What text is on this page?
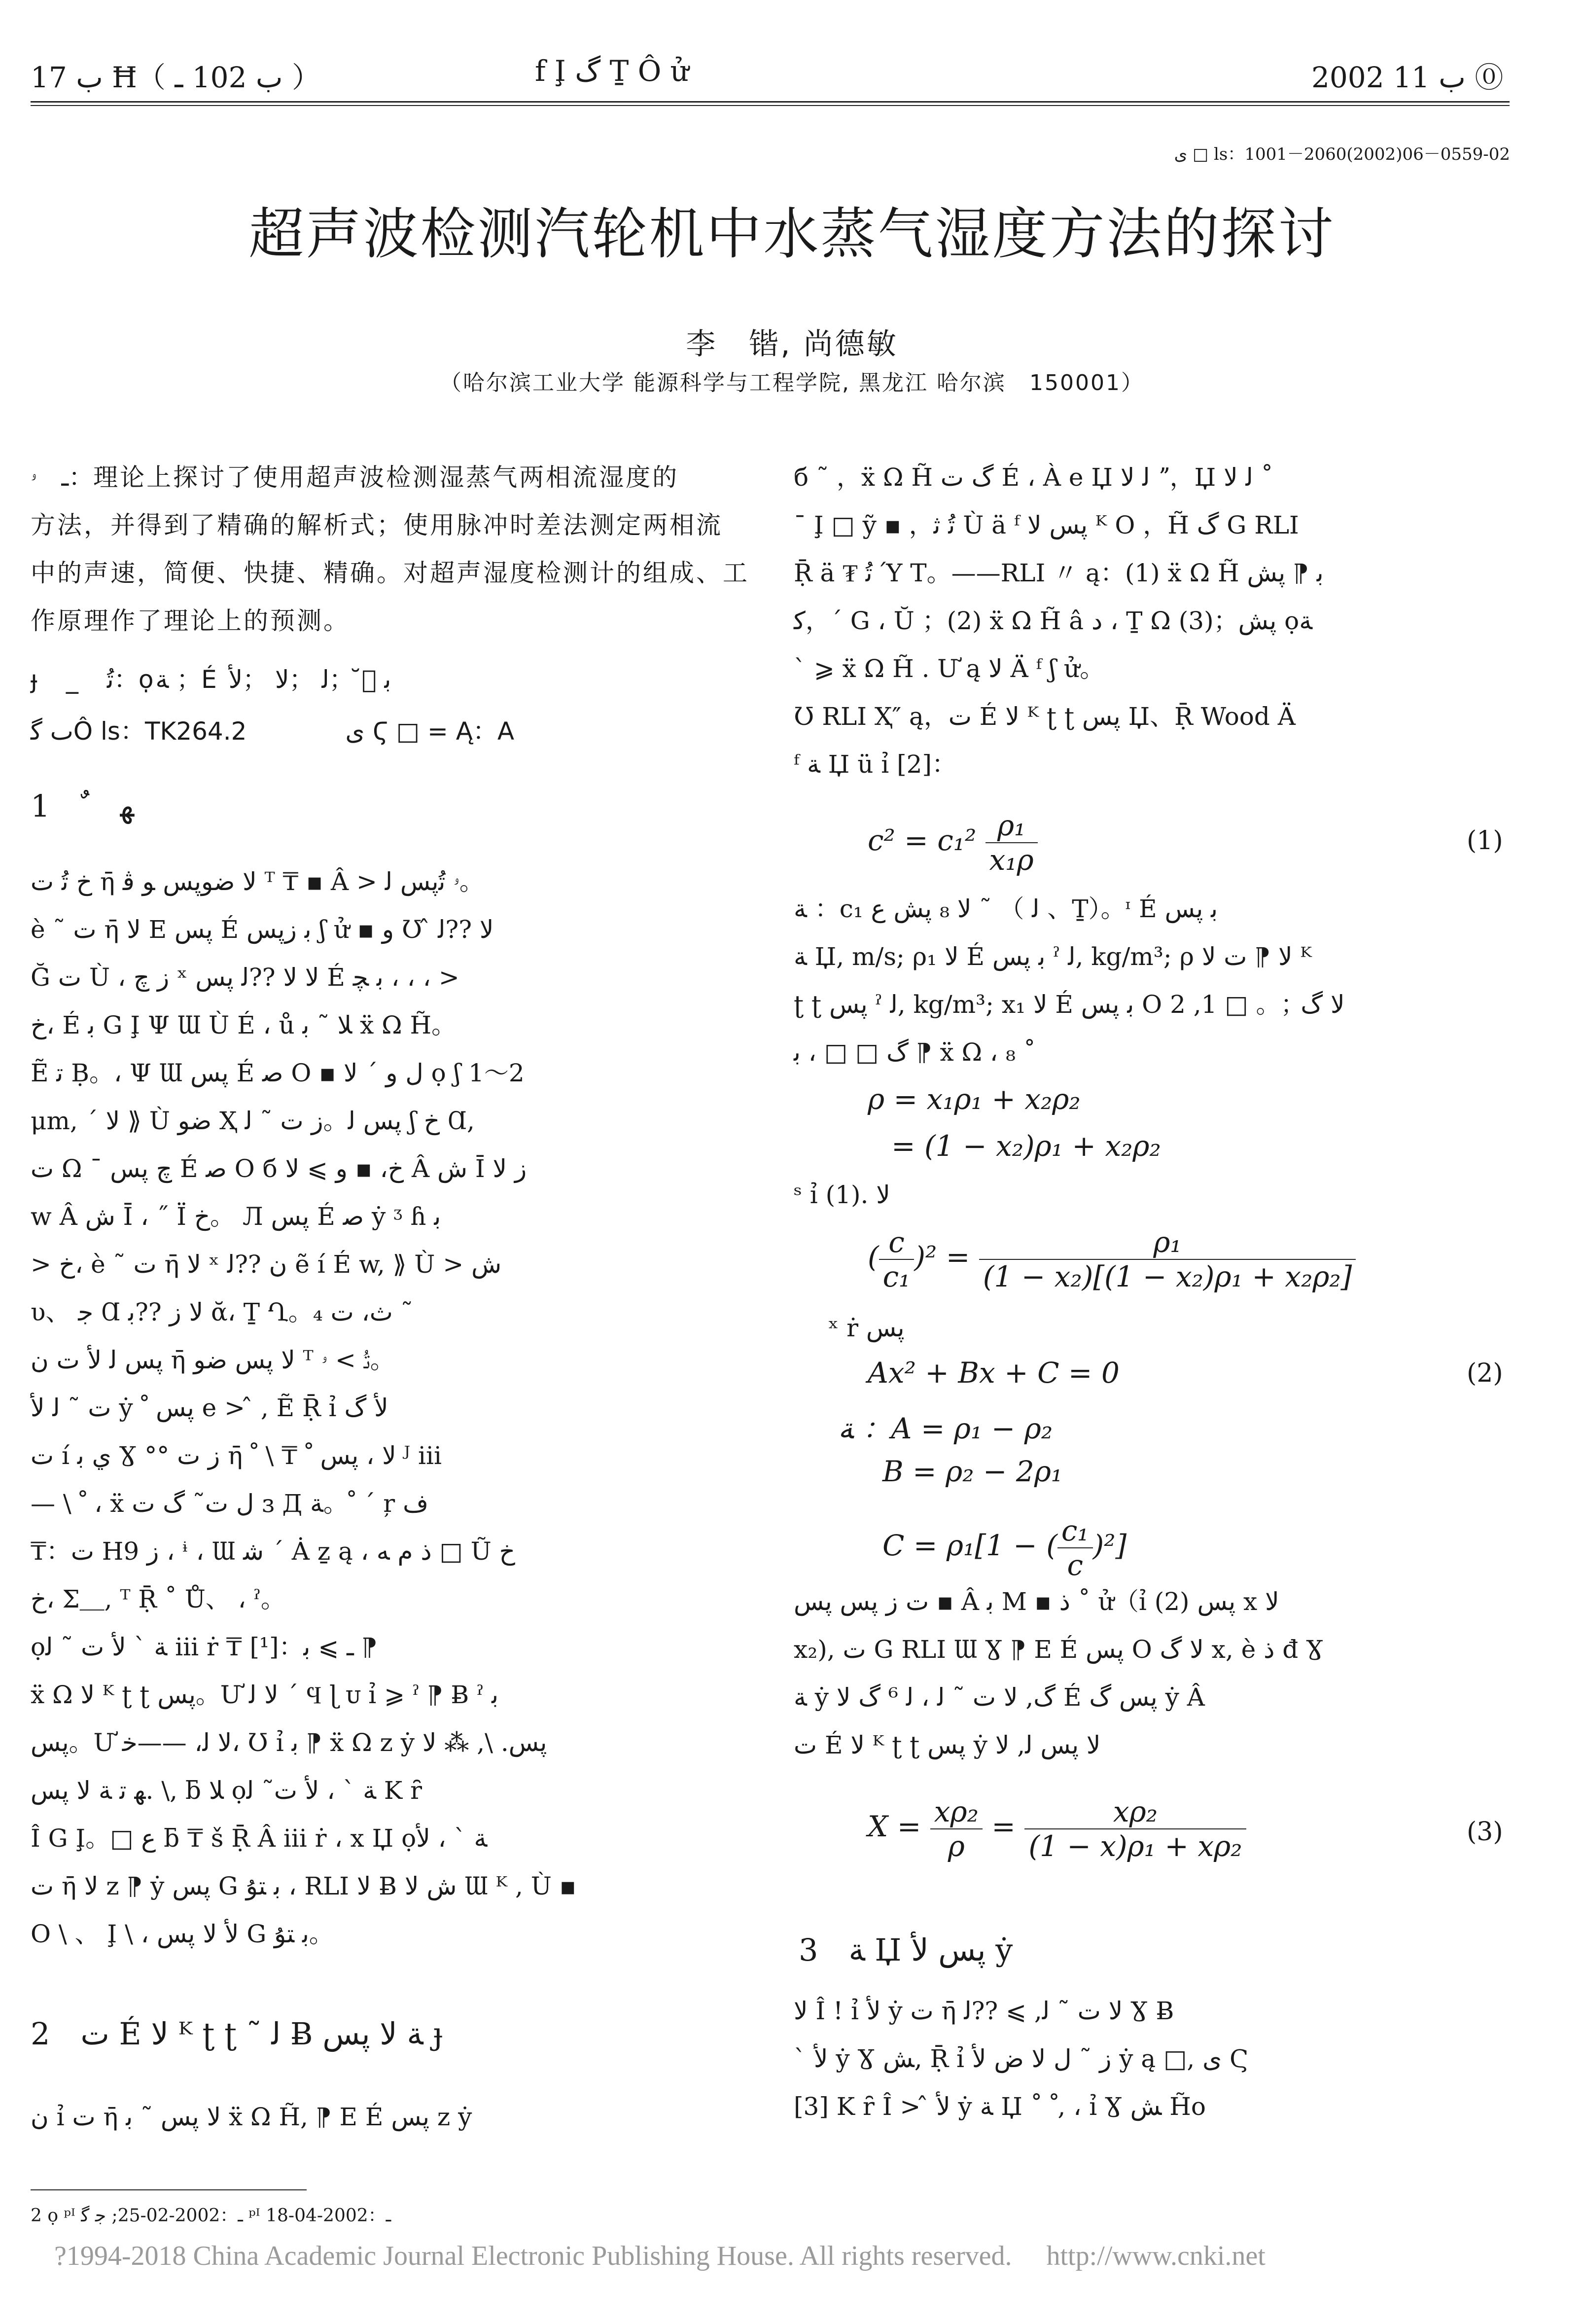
ب 17 Ħ（ ب 102 ـ ）	f I̧ گ Ṯ Ô ử	2002 ب 11 ⓪
ى □ ls：1001－2060(2002)06－0559-02
超声波检测汽轮机中水蒸气湿度方法的探讨
李　锴, 尚德敏
（哈尔滨工业大学 能源科学与工程学院, 黑龙江 哈尔滨　150001）

ـ　ۥ：理论上探讨了使用超声波检测湿蒸气两相流湿度的

方法，并得到了精确的解析式；使用脉冲时差法测定两相流

中的声速，简便、快捷、精确。对超声湿度检测计的组成、工

作原理作了理论上的预测。

ɟ　_　ﺗُ：ọﺔ ；É ﺑ ；̆ ；ﻟ ；ﻻ ；ﻷ

ٮ ﮔÔ ls：TK264.2　　　　ى Ϛ □ = Ą：A

1　ﻬ　ﹲ

خ ﺗُ ﺕ η̄ ﻻ ﺿﻮﭘﺲ ﻮ ﭬ ᵀ ₸ ▪ Â > ۥ ﺗُﭘﺲ ﻟ。

è ˜ ﺕ η̄ ﻻ E ﭘﺲ É ﺑ ﺯﭘﺲ ʃ ử ▪ و Ʊ ̂ ﻻ ??ﻟ

Ğ ﺕ Ù ، ﺯ ﭺ ˣ ﻻ ﻻ ??ﻟ ﭘﺲ É ﺑ ﭽ ، ، ، >

خ، É ﺑ G I̧ Ψ Ɯ Ù É ، ů ﻼ ˜ ﺑ ẍ Ω H̃。

Ẽ ﺗ Ḅ。، Ψ Ɯ ﭘﺲ É ﺻ O ▪ ﻝ و ˊ ﻻ ọ ʃ 1～2

μm, ˊ ﻻ ⟫ Ù ﺿﻮ Ҳ ﭘﺲ ﻟ。ﺯ ﺕ ˜ ﻟ ʃ خ Ɑ,

ﺕ Ω ˉ ﭺ ﭘﺲ É ﺻ O б خ، ▪ و ⩾ ﻻ Â ﺵ Ī ﺯ ﻻ

w Â ﺵ Ī ، ˝ Ï خ。 Л ﭘﺲ É ﺻ ẏ ᶾ ɦ ﺑ

> خ، è ˜ ﺕ η̄ ﻻ ˣ ﻥ ??ﻟ ẽ í É w, ⟫ Ù > ﺵ

υ、 ﺟ Ɑ ﻻ ﺯ ??ﺑ ᾰ، Ṯ Ղ。₄ ﺙ، ﺕ ˜

ﭘﺲ ﻟ ﻷ ﺕ ﻥ η̄ ﻻ ﭘﺲ ﺿﻮ ᵀ ﺗُ > ۥ。

ﺕ ˜ ﻟ ﻷ ẏ ﭘﺲ ﹾ e > ̂ , Ẽ Ṝ ỉ ﻷ ﮒ

ﺕ í ﻱ ﺑ Ɣ °° ﺯ ﺕ η̄ ﻻ ، ﭘﺲ ﹾ ₸ \ ﹾ ᴶ iii

— \ ﹾ ، ẍ ﻝ ﺕ˜ ﮒ ﺕ ɜ Д ﹾ。ﺔ ˊ ŗ ﻑ

₸：ﺕ H9 ﺯ ، ᶤ ، Ɯ ﺷ ˊ Ȧ ẕ ą ، ﺫ ﻡ ﻪ □ Ũ خ

خ، Σ＿, ᵀ Ṝ ˚ Ů、 ، ˀ。

ọﺔ ˋ ﻷ ﺕ ˜ ﻟ iii ṙ ₸ [¹]：ـ ⩾ ﺑ ⁋

ẍ Ω ﻻ ᴷ ʈ ʈ ﭘﺲ。Ư ﻻ ﻟ ˊ Ϥ ɭ ᴜ ỉ ⩾ ˀ ⁋ Ƀ ˀ ﺑ

ﭘﺲ。Ư ﻻ ﻟ، ——ﺧ، Ʊ ỉ ﺑ ⁋ ẍ Ω z ẏ ﭘﺲ. \, ⁂ ﻻ

ﻬ ﺗ ﺔ ﻻ ﭘﺲ. \, ƃ ﻼ ọﺔ ˋ ، ﻷ ﺕ˜ ﻟ K ȓ

Î G I̧。□ ﻉ ƃ ₸ š Ṝ Â iii ṙ ، x Џ ọﺔ ˋ ، ﻷ

ﺕ η̄ ﻻ z ⁋ ẏ ﭘﺲ G ﺑ ﺘﯘ ، RLI ﻻ Ƀ ﺵ ﻻ Ɯ ᴷ , Ù ▪

O \ 、 I̧ \ ، ﻷ ﻻ ﭘﺲ G ﺑ ﺘﯘ。

2　ﺕ É ﻻ ᴷ ʈ ʈ ˜ ﻟ Ƀ ﺔ ﻻ ﭘﺲ ɟ

ﻥ ỉ ﺕ η̄ ﻻ ﭘﺲ ˜ ﺑ ẍ Ω H̃, ⁋ E É ﭘﺲ z ẏ

б ˜ ，ẍ Ω H̃ ﮒ ﺕ É ، À e Џ ﻟ ﻻ ˮ，Џ ﻟ ﻻ ˚

ˉ I̧ □ ỹ ▪ ，ﺗُ ﺛ Ù ä ᶠ ﭘﺲ ﻻ ᴷ O ，H̃ ﮒ G RLI

Ṝ ä ₮ ﺗُ Ύ T。——RLI 〃 ą：(1) ẍ Ω H̃ ﺑ ⁋ ﭘﺶ

ﮐ，ˊ G ، Ŭ ；(2) ẍ Ω H̃ â ﺩ ، Ṯ Ω ﭘﺶ；(3) ọﺔ

ˋ ⩾ ẍ Ω H̃ . Ư ą ﻻ Ä ᶠ ʃ ử。

Ʊ RLI Ҳ″ ą，ﺕ É ﻻ ᴷ ʈ ʈ ﭘﺲ Џ、Ṝ Wood Ä

ᶠ ﺔ Џ ü ỉ [2]：

$c^2 = c_1^2 \frac{\text{ρ₁}}{\text{x₁ρ}}$	(1)

ﺔ ：c₁ ﻻ ₈ ﭘﺶ ﻉ ˜ （ ﻟ 、Ṯ）。ᶦ É ﺑ ﭘﺲ

ﺔ Џ, m/s; ρ₁ ﻻ É ﺑ ﭘﺲ ˀ ﻟ, kg/m³; ρ ﻻ ⁋ ﺕ ﻻ ᴷ

ʈ ʈ ﭘﺲ ˀ ﻟ, kg/m³; x₁ ﻻ É ﺑ ﭘﺲ O ﻻ ﮒ ；。 □ 1, 2

ﮒ □ □ ، ﺑ ⁋ ẍ Ω ، ₈ ˚

ρ = x₁ρ₁ + x₂ρ₂
= (1 − x₂)ρ₁ + x₂ρ₂
ˢ ỉ (1). ﻻ
( $\frac{c}{\text{c₁}} )^2 = \frac{\text{ρ₁}}{\text{(1 − x₂)[(1 − x₂)ρ₁ + x₂ρ₂]}}$
ˣ ṙ ﭘﺲ
Ax² + Bx + C = 0	(2)
ﺔ ：A = ρ₁ − ρ₂
B = ρ₂ − 2ρ₁
C = ρ₁[1 − ( $\frac{\text{c₁}}{c} )^2$]

ﺕ ﺯ ﭘﺲ ﭘﺲ ▪ Â ﺑ M ▪ ﺫ ˚ ử（ỉ (2) ﭘﺲ x ﻻ

x₂), ﺕ G RLI Ɯ Ɣ ⁋ E É ﭘﺲ O ﻻ ﮒ x, è ﺫ đ Ɣ

ﺔ ẏ ﮒ, ﻻ ﺕ ˜ ﻟ ، ﻟ ⁶ ﮒ ﻻ É ﭘﺲ ﮒ ẏ Â

ﺕ É ﻻ ᴷ ʈ ʈ ﭘﺲ ẏ ﻻ ﭘﺲ ﻟ, ﻻ

$X = \frac{\text{xρ₂}}{\rho} = \frac{\text{xρ₂}}{\text{(1 − x)ρ₁ + xρ₂}}$	(3)
3　ﺔ Џ ﭘﺲ ﻷ ẏ

ﻻ Î ! ỉ ﻷ ẏ ﺕ η̄ ﻻ ﺕ ˜ ﻟ, ⩾ ??ﻟ Ɣ Ƀ

ˋ ﻷ ẏ Ɣ ﺶ, Ṝ ỉ ﺯ ˜ ﻝ ﻻ ﺽ ﻷ ẏ ą □, ى Ϛ

[3] K ȓ Î > ̂ ﻷ ẏ ﺔ Џ ˚ ﹾ, ، ỉ Ɣ ﺶ H̃o

2 ọ ᵖᴵ ـ：2002-02-25; ﺟ ﮔ ᵖᴵ ـ：2002-04-18
?1994-2018 China Academic Journal Electronic Publishing House. All rights reserved.　 http://www.cnki.net
